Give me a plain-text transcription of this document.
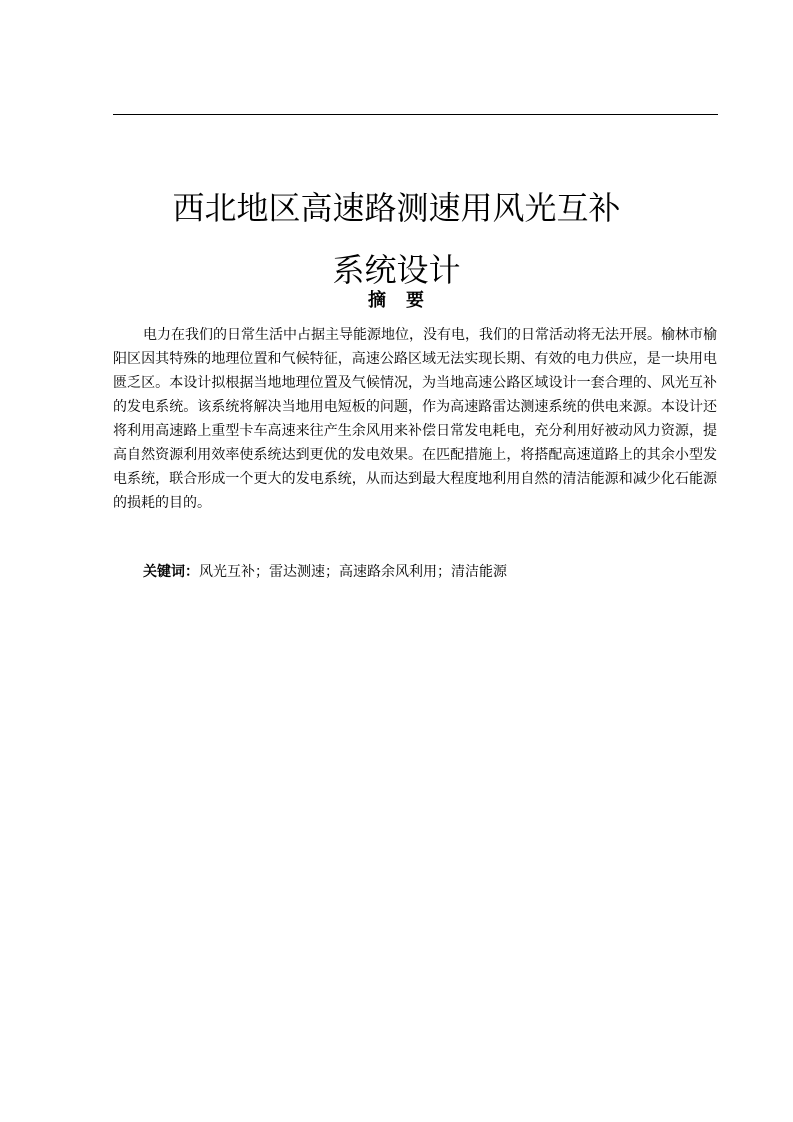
西北地区高速路测速用风光互补
系统设计
摘　要

电力在我们的日常生活中占据主导能源地位，没有电，我们的日常活动将无法开展。榆林市榆阳区因其特殊的地理位置和气候特征，高速公路区域无法实现长期、有效的电力供应，是一块用电匮乏区。本设计拟根据当地地理位置及气候情况，为当地高速公路区域设计一套合理的、风光互补的发电系统。该系统将解决当地用电短板的问题，作为高速路雷达测速系统的供电来源。本设计还将利用高速路上重型卡车高速来往产生余风用来补偿日常发电耗电，充分利用好被动风力资源，提高自然资源利用效率使系统达到更优的发电效果。在匹配措施上，将搭配高速道路上的其余小型发电系统，联合形成一个更大的发电系统，从而达到最大程度地利用自然的清洁能源和减少化石能源的损耗的目的。

关键词：风光互补；雷达测速；高速路余风利用；清洁能源
